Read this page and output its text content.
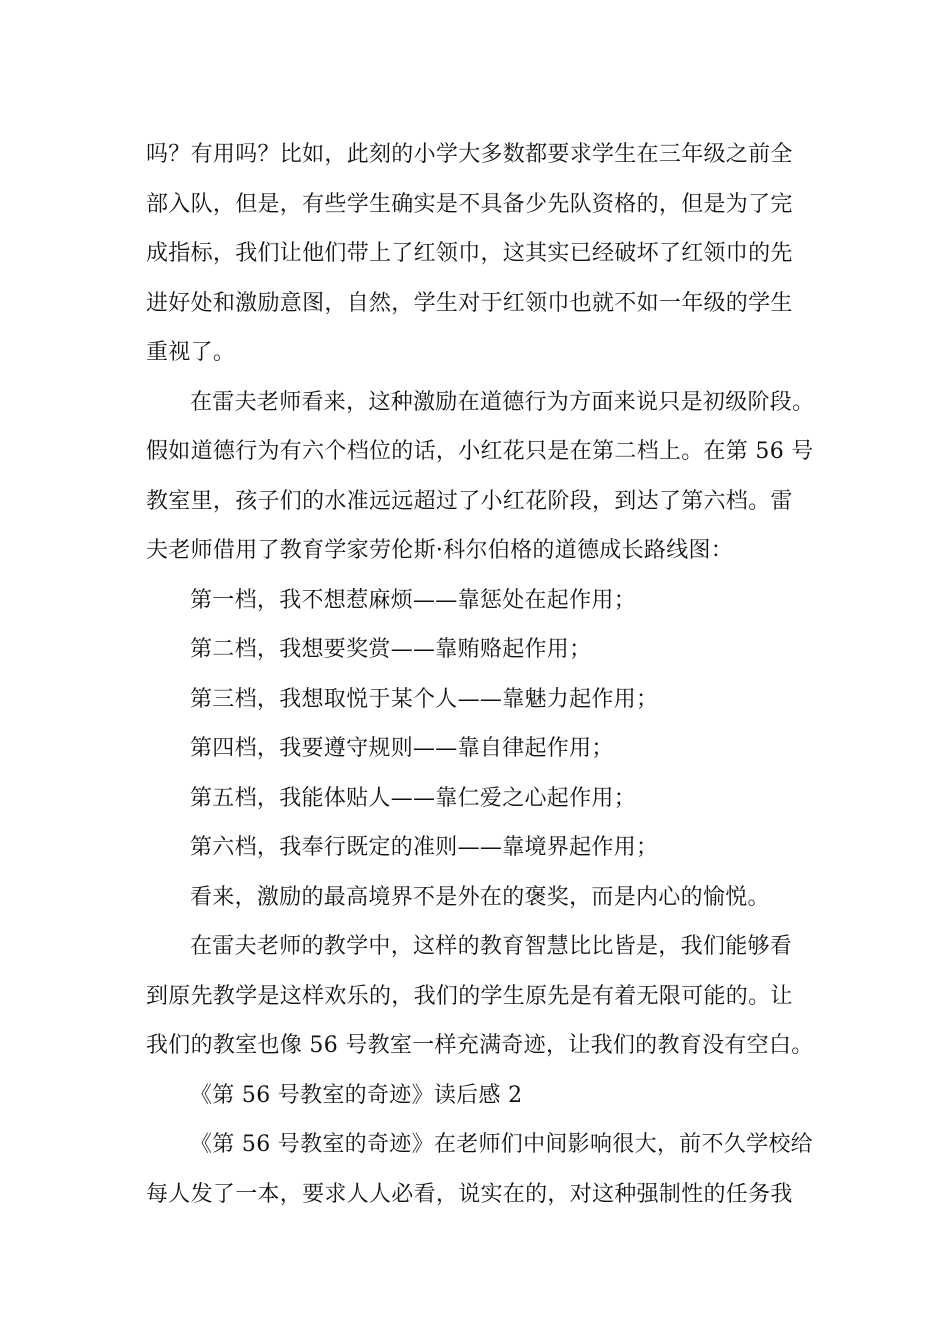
吗？有用吗？比如，此刻的小学大多数都要求学生在三年级之前全
部入队，但是，有些学生确实是不具备少先队资格的，但是为了完
成指标，我们让他们带上了红领巾，这其实已经破坏了红领巾的先
进好处和激励意图，自然，学生对于红领巾也就不如一年级的学生
重视了。

在雷夫老师看来，这种激励在道德行为方面来说只是初级阶段。
假如道德行为有六个档位的话，小红花只是在第二档上。在第 56 号
教室里，孩子们的水准远远超过了小红花阶段，到达了第六档。雷
夫老师借用了教育学家劳伦斯·科尔伯格的道德成长路线图：

第一档，我不想惹麻烦——靠惩处在起作用；

第二档，我想要奖赏——靠贿赂起作用；

第三档，我想取悦于某个人——靠魅力起作用；

第四档，我要遵守规则——靠自律起作用；

第五档，我能体贴人——靠仁爱之心起作用；

第六档，我奉行既定的准则——靠境界起作用；

看来，激励的最高境界不是外在的褒奖，而是内心的愉悦。

在雷夫老师的教学中，这样的教育智慧比比皆是，我们能够看
到原先教学是这样欢乐的，我们的学生原先是有着无限可能的。让
我们的教室也像 56 号教室一样充满奇迹，让我们的教育没有空白。

《第 56 号教室的奇迹》读后感 2

《第 56 号教室的奇迹》在老师们中间影响很大，前不久学校给
每人发了一本，要求人人必看，说实在的，对这种强制性的任务我
